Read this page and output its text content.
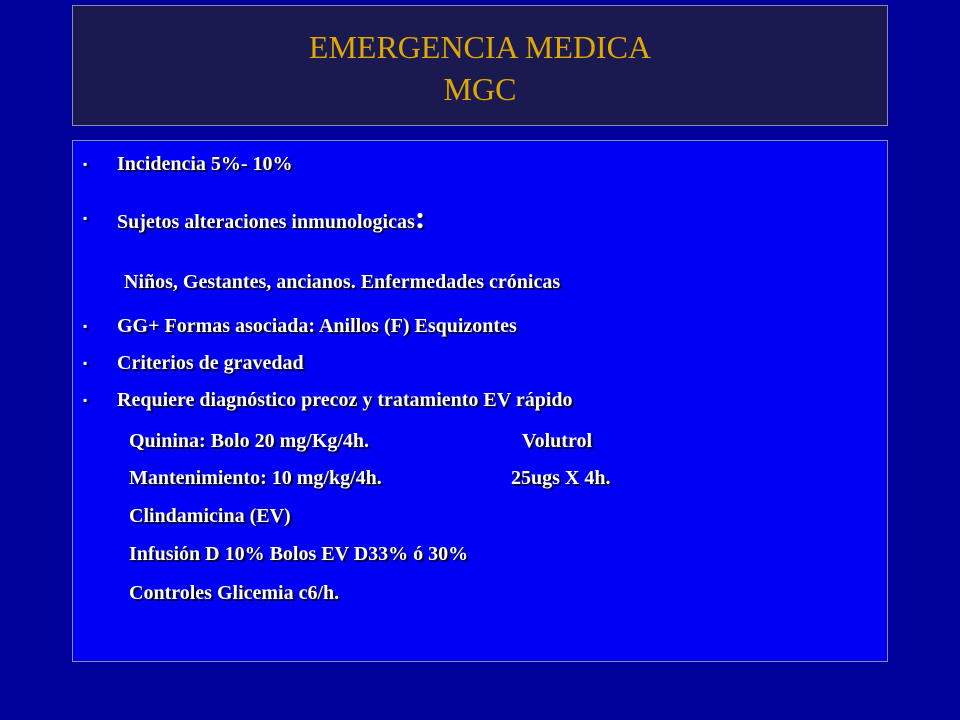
EMERGENCIA MEDICA
MGC
▪ Incidencia 5%- 10%
▪ Sujetos alteraciones inmunologicas:
Niños, Gestantes, ancianos. Enfermedades crónicas
▪ GG+ Formas asociada: Anillos (F) Esquizontes
▪ Criterios de gravedad
▪ Requiere diagnóstico precoz y tratamiento EV rápido
Quinina: Bolo 20 mg/Kg/4h.	Volutrol
Mantenimiento: 10 mg/kg/4h.	25ugs X 4h.
Clindamicina (EV)
Infusión D 10% Bolos EV D33% ó 30%
Controles Glicemia c6/h.
